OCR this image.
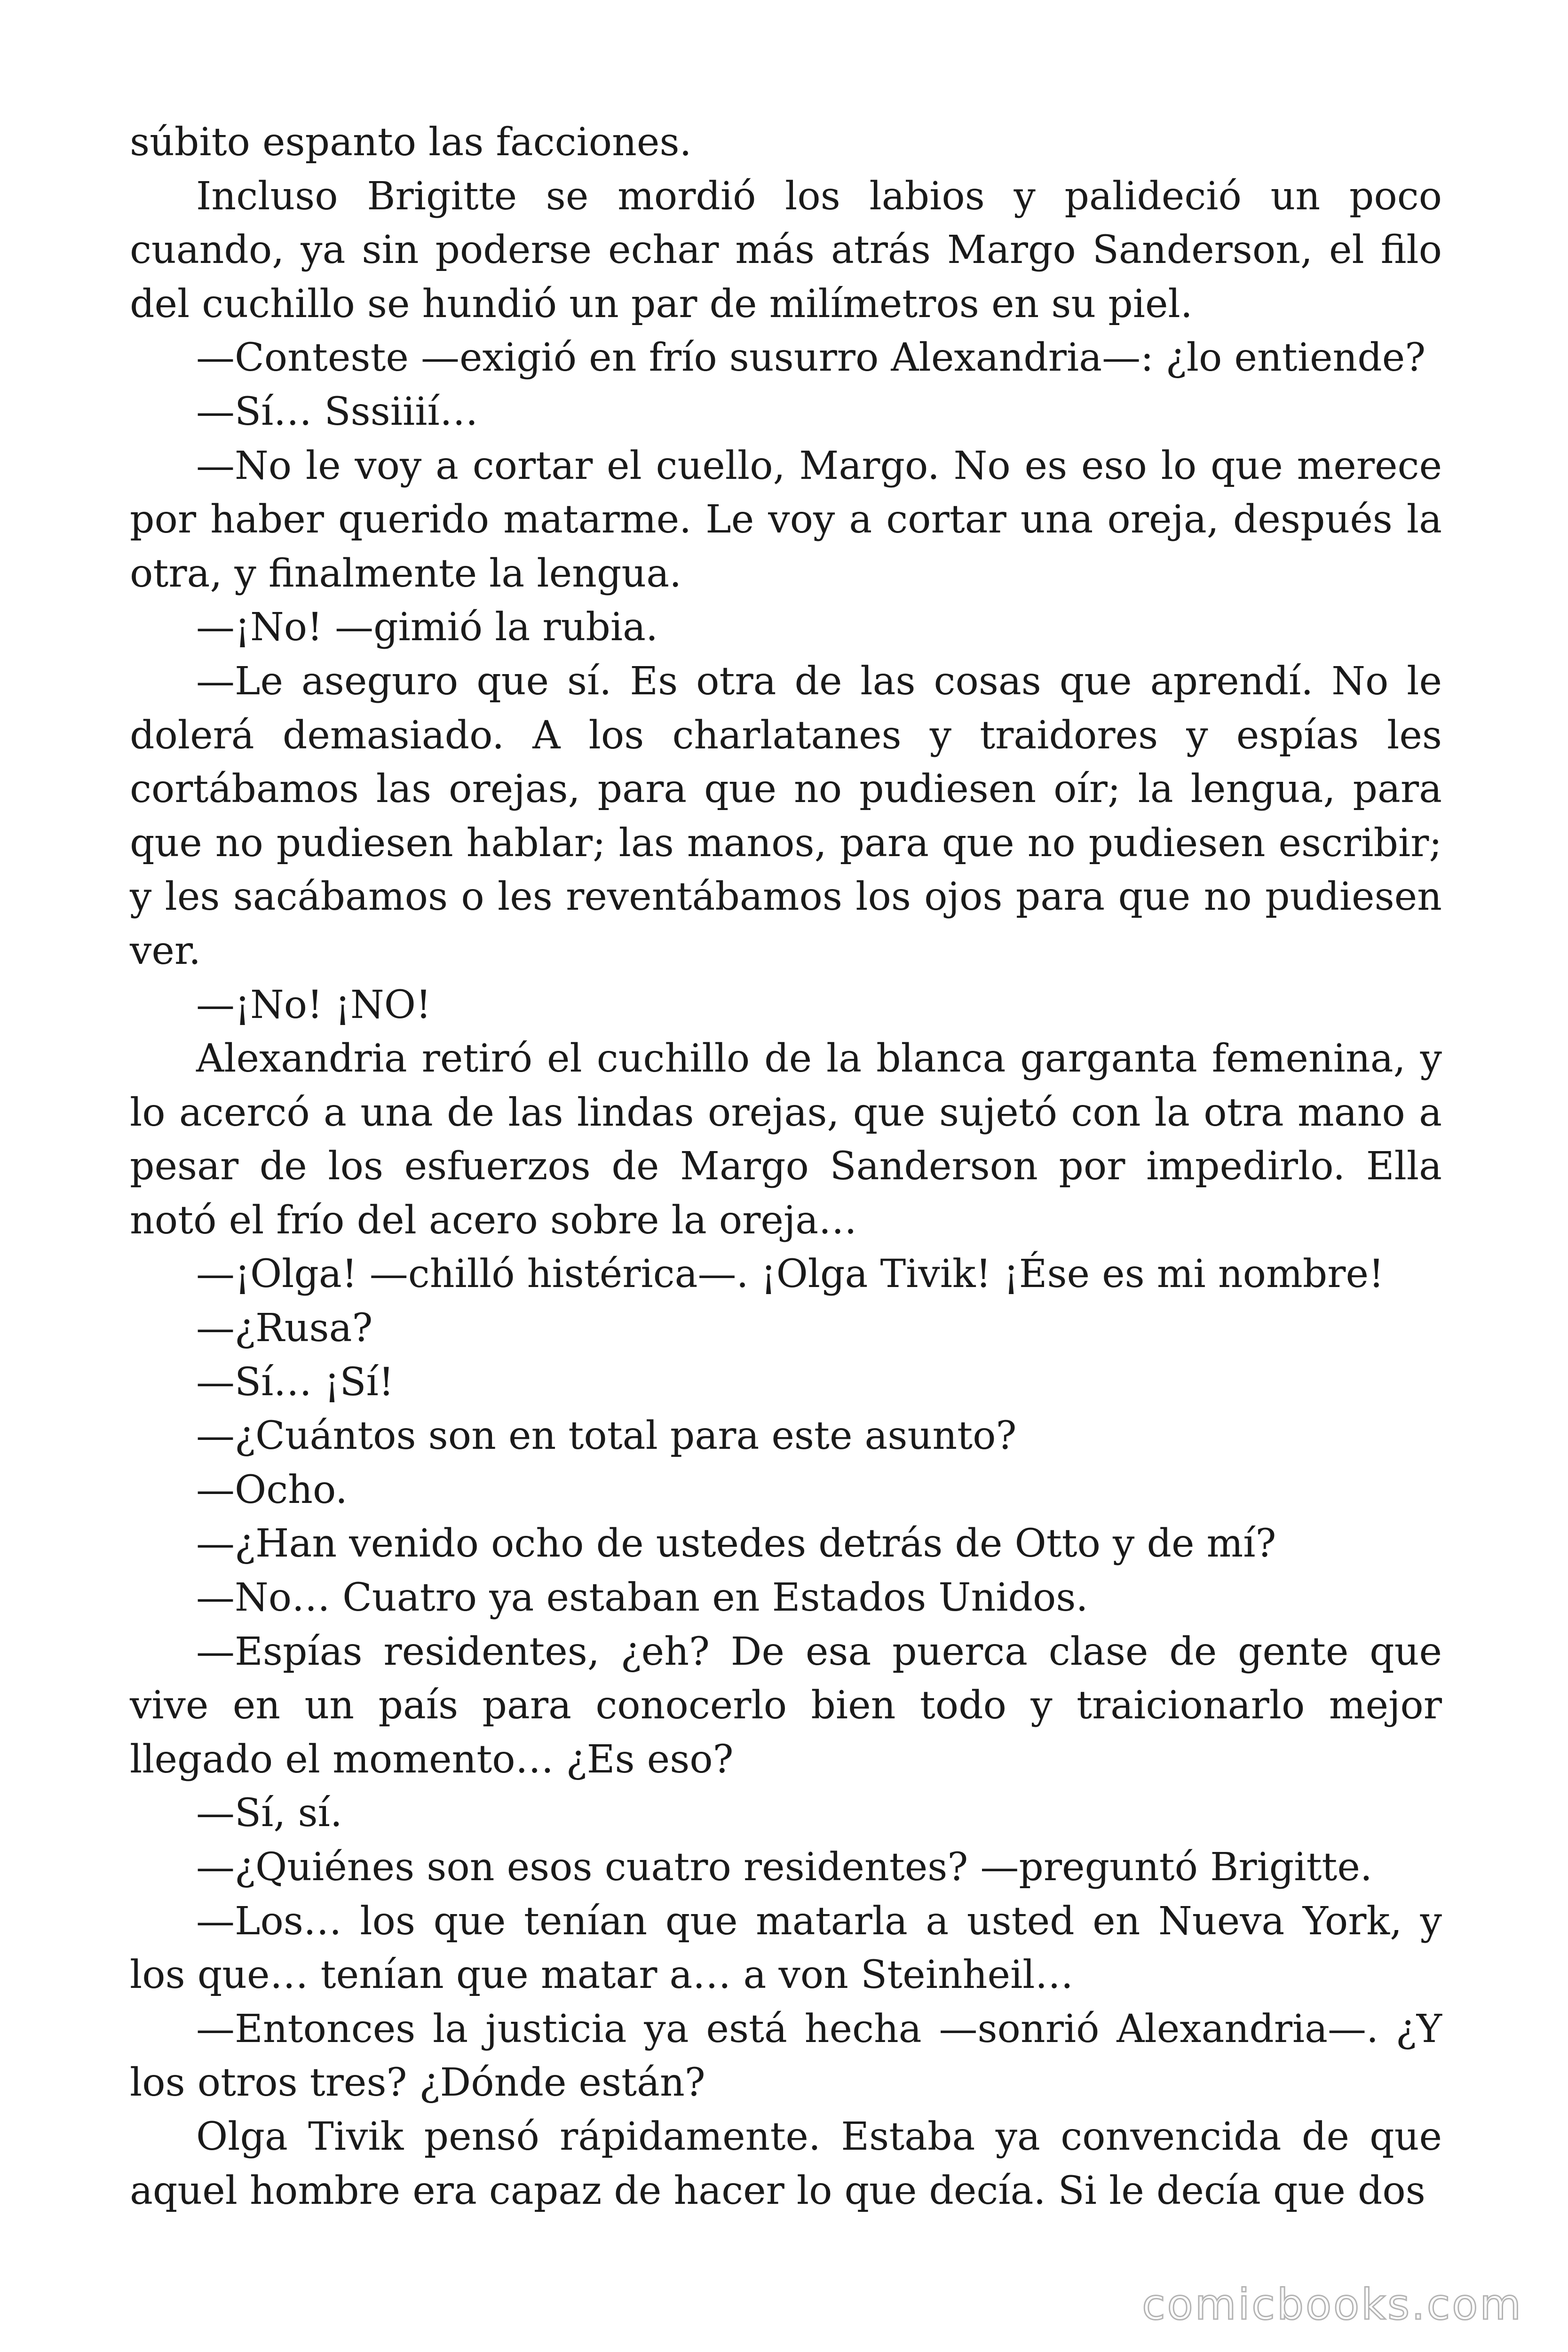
súbito espanto las facciones.

Incluso Brigitte se mordió los labios y palideció un poco cuando, ya sin poderse echar más atrás Margo Sanderson, el filo del cuchillo se hundió un par de milímetros en su piel.

—Conteste —exigió en frío susurro Alexandria—: ¿lo entiende?

—Sí… Sssiiií…

—No le voy a cortar el cuello, Margo. No es eso lo que merece por haber querido matarme. Le voy a cortar una oreja, después la otra, y finalmente la lengua.

—¡No! —gimió la rubia.

—Le aseguro que sí. Es otra de las cosas que aprendí. No le dolerá demasiado. A los charlatanes y traidores y espías les cortábamos las orejas, para que no pudiesen oír; la lengua, para que no pudiesen hablar; las manos, para que no pudiesen escribir; y les sacábamos o les reventábamos los ojos para que no pudiesen ver.

—¡No! ¡NO!

Alexandria retiró el cuchillo de la blanca garganta femenina, y lo acercó a una de las lindas orejas, que sujetó con la otra mano a pesar de los esfuerzos de Margo Sanderson por impedirlo. Ella notó el frío del acero sobre la oreja…

—¡Olga! —chilló histérica—. ¡Olga Tivik! ¡Ése es mi nombre!

—¿Rusa?

—Sí… ¡Sí!

—¿Cuántos son en total para este asunto?

—Ocho.

—¿Han venido ocho de ustedes detrás de Otto y de mí?

—No… Cuatro ya estaban en Estados Unidos.

—Espías residentes, ¿eh? De esa puerca clase de gente que vive en un país para conocerlo bien todo y traicionarlo mejor llegado el momento… ¿Es eso?

—Sí, sí.

—¿Quiénes son esos cuatro residentes? —preguntó Brigitte.

—Los… los que tenían que matarla a usted en Nueva York, y los que… tenían que matar a… a von Steinheil…

—Entonces la justicia ya está hecha —sonrió Alexandria—. ¿Y los otros tres? ¿Dónde están?

Olga Tivik pensó rápidamente. Estaba ya convencida de que aquel hombre era capaz de hacer lo que decía. Si le decía que dos

comicbooks.com
